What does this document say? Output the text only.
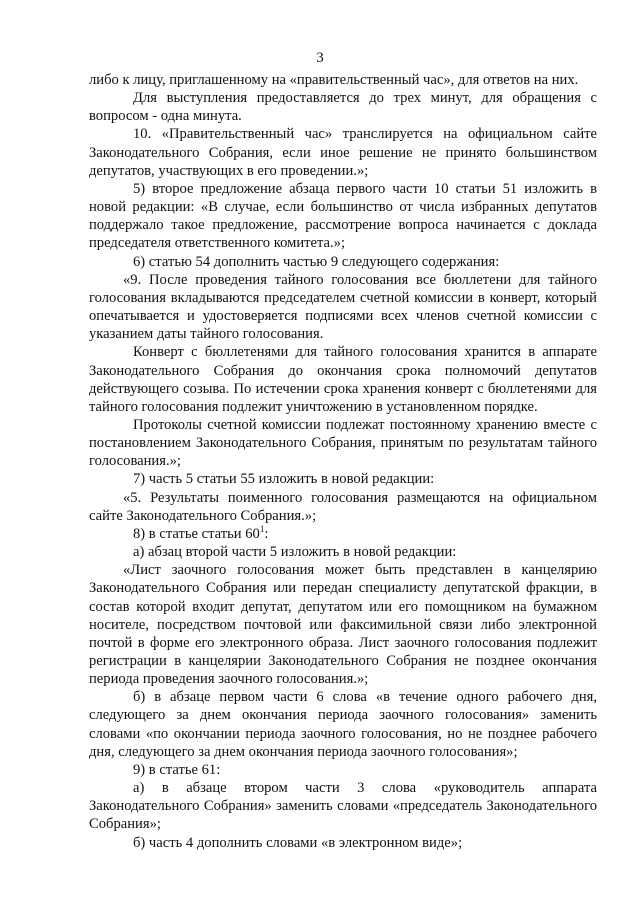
3

либо к лицу, приглашенному на «правительственный час», для ответов на них.

Для выступления предоставляется до трех минут, для обращения с вопросом - одна минута.

10. «Правительственный час» транслируется на официальном сайте Законодательного Собрания, если иное решение не принято большинством депутатов, участвующих в его проведении.»;

5) второе предложение абзаца первого части 10 статьи 51 изложить в новой редакции: «В случае, если большинство от числа избранных депутатов поддержало такое предложение, рассмотрение вопроса начинается с доклада председателя ответственного комитета.»;

6) статью 54 дополнить частью 9 следующего содержания:

«9. После проведения тайного голосования все бюллетени для тайного голосования вкладываются председателем счетной комиссии в конверт, который опечатывается и удостоверяется подписями всех членов счетной комиссии с указанием даты тайного голосования.

Конверт с бюллетенями для тайного голосования хранится в аппарате Законодательного Собрания до окончания срока полномочий депутатов действующего созыва. По истечении срока хранения конверт с бюллетенями для тайного голосования подлежит уничтожению в установленном порядке.

Протоколы счетной комиссии подлежат постоянному хранению вместе с постановлением Законодательного Собрания, принятым по результатам тайного голосования.»;

7) часть 5 статьи 55 изложить в новой редакции:

«5. Результаты поименного голосования размещаются на официальном сайте Законодательного Собрания.»;

8) в статье статьи $60^1$:

а) абзац второй части 5 изложить в новой редакции:

«Лист заочного голосования может быть представлен в канцелярию Законодательного Собрания или передан специалисту депутатской фракции, в состав которой входит депутат, депутатом или его помощником на бумажном носителе, посредством почтовой или факсимильной связи либо электронной почтой в форме его электронного образа. Лист заочного голосования подлежит регистрации в канцелярии Законодательного Собрания не позднее окончания периода проведения заочного голосования.»;

б) в абзаце первом части 6 слова «в течение одного рабочего дня, следующего за днем окончания периода заочного голосования» заменить словами «по окончании периода заочного голосования, но не позднее рабочего дня, следующего за днем окончания периода заочного голосования»;

9) в статье 61:

а) в абзаце втором части 3 слова «руководитель аппарата Законодательного Собрания» заменить словами «председатель Законодательного Собрания»;

б) часть 4 дополнить словами «в электронном виде»;
